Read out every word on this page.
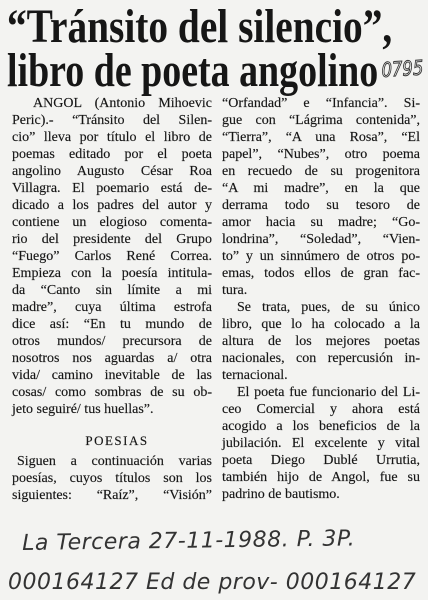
“Tránsito del silencio”,
libro de poeta angolino 0795
ANGOL (Antonio Mihoevic
Peric).- “Tránsito del Silen-
cio” lleva por título el libro de
poemas editado por el poeta
angolino Augusto César Roa
Villagra. El poemario está de-
dicado a los padres del autor y
contiene un elogioso comenta-
rio del presidente del Grupo
“Fuego” Carlos René Correa.
Empieza con la poesía intitula-
da “Canto sin límite a mi
madre”, cuya última estrofa
dice así: “En tu mundo de
otros mundos/ precursora de
nosotros nos aguardas a/ otra
vida/ camino inevitable de las
cosas/ como sombras de su ob-
jeto seguiré/ tus huellas”.
POESIAS
Siguen a continuación varias
poesías, cuyos títulos son los
siguientes: “Raíz”, “Visión”
“Orfandad” e “Infancia”. Si-
gue con “Lágrima contenida”,
“Tierra”, “A una Rosa”, “El
papel”, “Nubes”, otro poema
en recuedo de su progenitora
“A mi madre”, en la que
derrama todo su tesoro de
amor hacia su madre; “Go-
londrina”, “Soledad”, “Vien-
to” y un sinnúmero de otros po-
emas, todos ellos de gran fac-
tura.
Se trata, pues, de su único
libro, que lo ha colocado a la
altura de los mejores poetas
nacionales, con repercusión in-
ternacional.
El poeta fue funcionario del Li-
ceo Comercial y ahora está
acogido a los beneficios de la
jubilación. El excelente y vital
poeta Diego Dublé Urrutia,
también hijo de Angol, fue su
padrino de bautismo.
La Tercera 27-11-1988. P. 3P.
000164127 Ed de prov- 000164127
